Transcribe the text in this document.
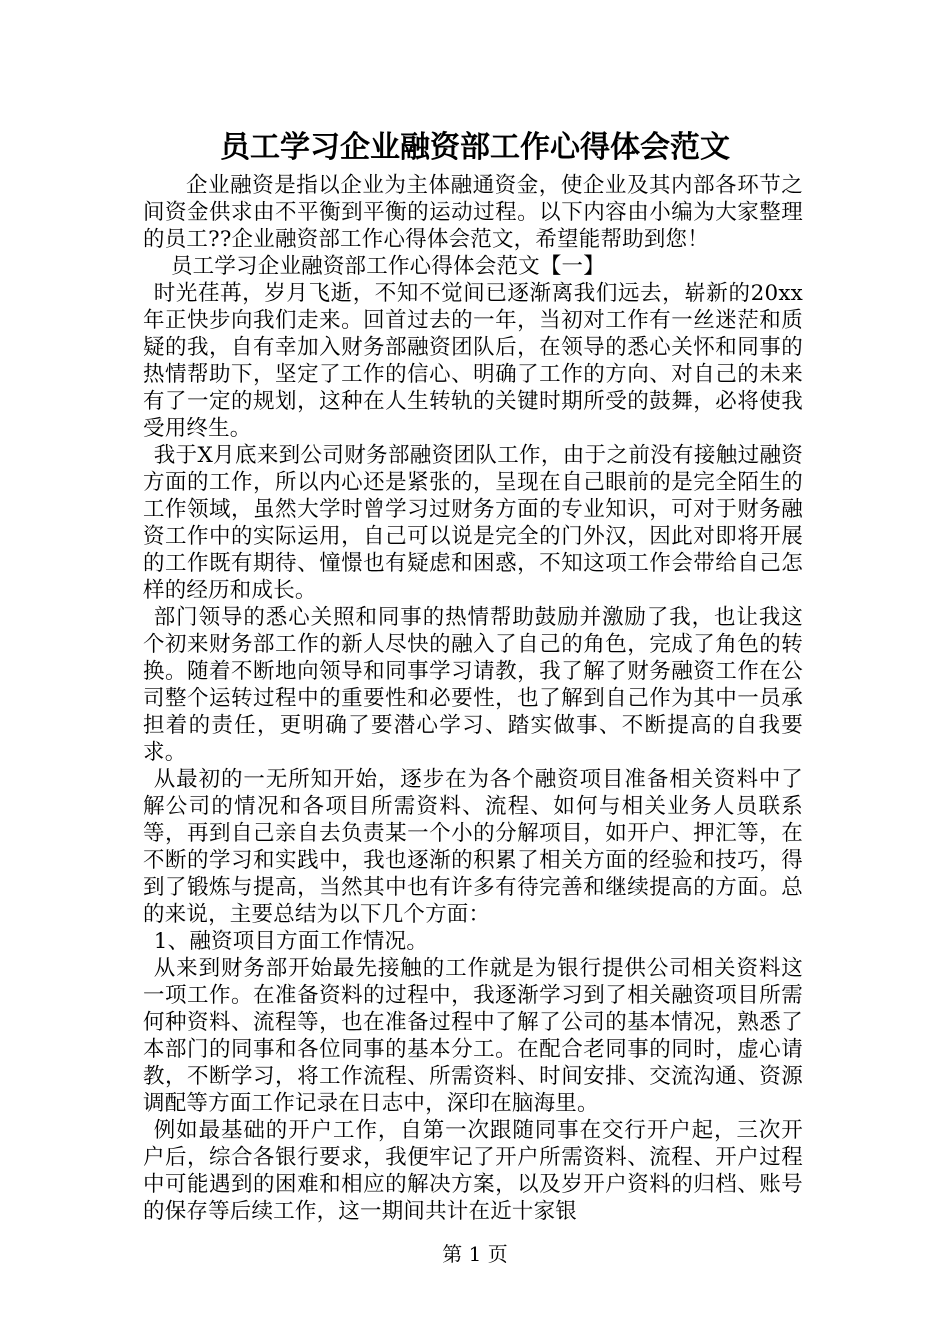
员工学习企业融资部工作心得体会范文

企业融资是指以企业为主体融通资金，使企业及其内部各环节之间资金供求由不平衡到平衡的运动过程。以下内容由小编为大家整理的员工??企业融资部工作心得体会范文，希望能帮助到您！

员工学习企业融资部工作心得体会范文【一】

时光荏苒，岁月飞逝，不知不觉间已逐渐离我们远去，崭新的20xx年正快步向我们走来。回首过去的一年，当初对工作有一丝迷茫和质疑的我，自有幸加入财务部融资团队后，在领导的悉心关怀和同事的热情帮助下，坚定了工作的信心、明确了工作的方向、对自己的未来有了一定的规划，这种在人生转轨的关键时期所受的鼓舞，必将使我受用终生。

我于X月底来到公司财务部融资团队工作，由于之前没有接触过融资方面的工作，所以内心还是紧张的，呈现在自己眼前的是完全陌生的工作领域，虽然大学时曾学习过财务方面的专业知识，可对于财务融资工作中的实际运用，自己可以说是完全的门外汉，因此对即将开展的工作既有期待、憧憬也有疑虑和困惑，不知这项工作会带给自己怎样的经历和成长。

部门领导的悉心关照和同事的热情帮助鼓励并激励了我，也让我这个初来财务部工作的新人尽快的融入了自己的角色，完成了角色的转换。随着不断地向领导和同事学习请教，我了解了财务融资工作在公司整个运转过程中的重要性和必要性，也了解到自己作为其中一员承担着的责任，更明确了要潜心学习、踏实做事、不断提高的自我要求。

从最初的一无所知开始，逐步在为各个融资项目准备相关资料中了解公司的情况和各项目所需资料、流程、如何与相关业务人员联系等，再到自己亲自去负责某一个小的分解项目，如开户、押汇等，在不断的学习和实践中，我也逐渐的积累了相关方面的经验和技巧，得到了锻炼与提高，当然其中也有许多有待完善和继续提高的方面。总的来说，主要总结为以下几个方面：

1、融资项目方面工作情况。

从来到财务部开始最先接触的工作就是为银行提供公司相关资料这一项工作。在准备资料的过程中，我逐渐学习到了相关融资项目所需何种资料、流程等，也在准备过程中了解了公司的基本情况，熟悉了本部门的同事和各位同事的基本分工。在配合老同事的同时，虚心请教，不断学习，将工作流程、所需资料、时间安排、交流沟通、资源调配等方面工作记录在日志中，深印在脑海里。

例如最基础的开户工作，自第一次跟随同事在交行开户起，三次开户后，综合各银行要求，我便牢记了开户所需资料、流程、开户过程中可能遇到的困难和相应的解决方案，以及岁开户资料的归档、账号的保存等后续工作，这一期间共计在近十家银

第 1 页
